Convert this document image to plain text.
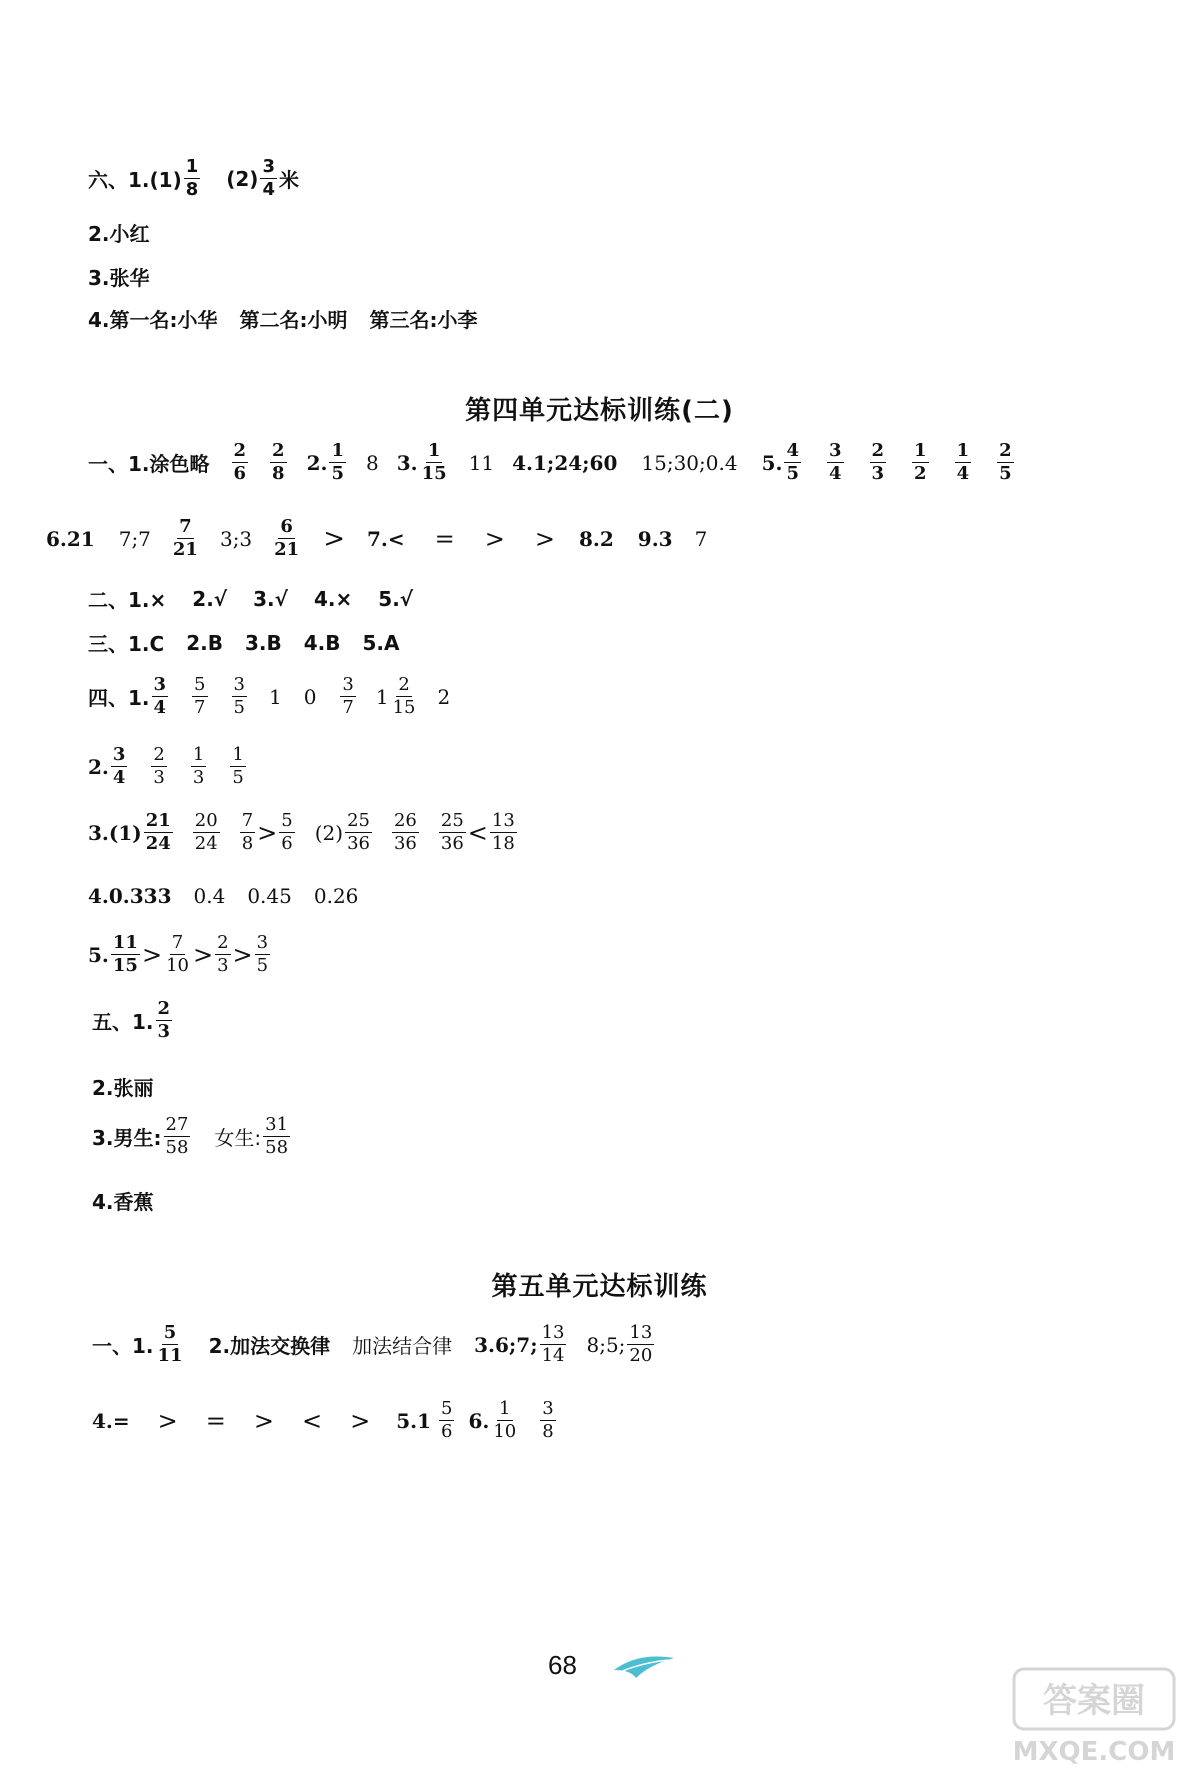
六、$1.(1) \frac{1}{8} (2) \frac{3}{4}$ 米
2.小红
3.张华
4.第一名:小华 第二名:小明 第三名:小李
第四单元达标训练(二)
一、1.涂色略 $\frac{2}{6} \frac{2}{8} 2$. $\frac{1}{5} 8$ 3. $\frac{1}{15} 11$ 4.1;24;60 15;30;0.4 5. $\frac{4}{5} \frac{3}{4} \frac{2}{3} \frac{1}{2} \frac{1}{4} \frac{2}{5}$
6.21 7;7 $\frac{7}{21}$ 3;3 $\frac{6}{21} > 7.<$ = > > 8.2 9.3 7
二、1.× 2.√ 3.√ 4.× 5.√
三、1.C 2.B 3.B 4.B 5.A
四、1. $\frac{3}{4} \frac{5}{7} \frac{3}{5} 1$ $0 \frac{3}{7} 1 \frac{2}{15} 2$
2. $\frac{3}{4} \frac{2}{3} \frac{1}{3} \frac{1}{5}$
$3.(1) \frac{21}{24} \frac{20}{24} \frac{7}{8} > \frac{5}{6} (2) \frac{25}{36} \frac{26}{36} \frac{25}{36} < \frac{13}{18}$
4.0.333 0.4 0.45 0.26
5. $\frac{11}{15} > \frac{7}{10} > \frac{2}{3} > \frac{3}{5}$
五、1. $\frac{2}{3}$
2.张丽
3.男生: $\frac{27}{58}$ 女生: $\frac{31}{58}$
4.香蕉
第五单元达标训练
一、1. $\frac{5}{11} 2$.加法交换律 加法结合律 3.6;7; $\frac{13}{14}$ 8;5; $\frac{13}{20}$
4.= > = > < > $5.1 \frac{5}{6} 6$. $\frac{1}{10} \frac{3}{8}$
68
答案圈
MXQE.COM
